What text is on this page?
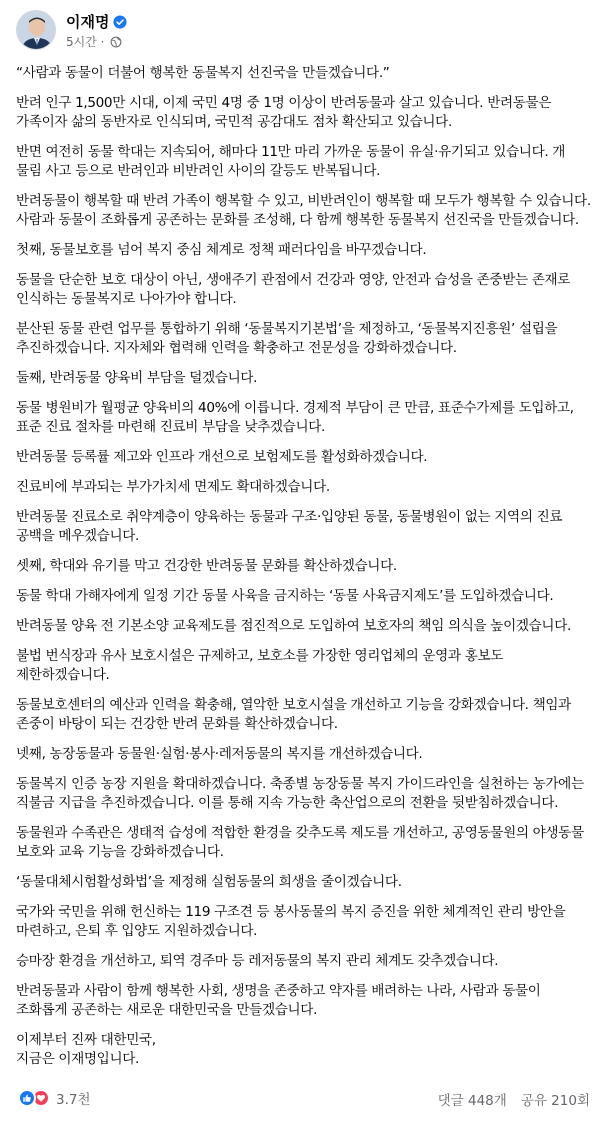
이재명
5시간 ·

“사람과 동물이 더불어 행복한 동물복지 선진국을 만들겠습니다.”

반려 인구 1,500만 시대, 이제 국민 4명 중 1명 이상이 반려동물과 살고 있습니다. 반려동물은 가족이자 삶의 동반자로 인식되며, 국민적 공감대도 점차 확산되고 있습니다.

반면 여전히 동물 학대는 지속되어, 해마다 11만 마리 가까운 동물이 유실·유기되고 있습니다. 개 물림 사고 등으로 반려인과 비반려인 사이의 갈등도 반복됩니다.

반려동물이 행복할 때 반려 가족이 행복할 수 있고, 비반려인이 행복할 때 모두가 행복할 수 있습니다. 사람과 동물이 조화롭게 공존하는 문화를 조성해, 다 함께 행복한 동물복지 선진국을 만들겠습니다.

첫째, 동물보호를 넘어 복지 중심 체계로 정책 패러다임을 바꾸겠습니다.

동물을 단순한 보호 대상이 아닌, 생애주기 관점에서 건강과 영양, 안전과 습성을 존중받는 존재로 인식하는 동물복지로 나아가야 합니다.

분산된 동물 관련 업무를 통합하기 위해 ‘동물복지기본법’을 제정하고, ‘동물복지진흥원’ 설립을 추진하겠습니다. 지자체와 협력해 인력을 확충하고 전문성을 강화하겠습니다.

둘째, 반려동물 양육비 부담을 덜겠습니다.

동물 병원비가 월평균 양육비의 40%에 이릅니다. 경제적 부담이 큰 만큼, 표준수가제를 도입하고, 표준 진료 절차를 마련해 진료비 부담을 낮추겠습니다.

반려동물 등록률 제고와 인프라 개선으로 보험제도를 활성화하겠습니다.

진료비에 부과되는 부가가치세 면제도 확대하겠습니다.

반려동물 진료소로 취약계층이 양육하는 동물과 구조·입양된 동물, 동물병원이 없는 지역의 진료 공백을 메우겠습니다.

셋째, 학대와 유기를 막고 건강한 반려동물 문화를 확산하겠습니다.

동물 학대 가해자에게 일정 기간 동물 사육을 금지하는 ‘동물 사육금지제도’를 도입하겠습니다.

반려동물 양육 전 기본소양 교육제도를 점진적으로 도입하여 보호자의 책임 의식을 높이겠습니다.

불법 번식장과 유사 보호시설은 규제하고, 보호소를 가장한 영리업체의 운영과 홍보도 제한하겠습니다.

동물보호센터의 예산과 인력을 확충해, 열악한 보호시설을 개선하고 기능을 강화겠습니다. 책임과 존중이 바탕이 되는 건강한 반려 문화를 확산하겠습니다.

넷째, 농장동물과 동물원·실험·봉사·레저동물의 복지를 개선하겠습니다.

동물복지 인증 농장 지원을 확대하겠습니다. 축종별 농장동물 복지 가이드라인을 실천하는 농가에는 직불금 지급을 추진하겠습니다. 이를 통해 지속 가능한 축산업으로의 전환을 뒷받침하겠습니다.

동물원과 수족관은 생태적 습성에 적합한 환경을 갖추도록 제도를 개선하고, 공영동물원의 야생동물 보호와 교육 기능을 강화하겠습니다.

‘동물대체시험활성화법’을 제정해 실험동물의 희생을 줄이겠습니다.

국가와 국민을 위해 헌신하는 119 구조견 등 봉사동물의 복지 증진을 위한 체계적인 관리 방안을 마련하고, 은퇴 후 입양도 지원하겠습니다.

승마장 환경을 개선하고, 퇴역 경주마 등 레저동물의 복지 관리 체계도 갖추겠습니다.

반려동물과 사람이 함께 행복한 사회, 생명을 존중하고 약자를 배려하는 나라, 사람과 동물이 조화롭게 공존하는 새로운 대한민국을 만들겠습니다.

이제부터 진짜 대한민국,

지금은 이재명입니다.

3.7천	댓글 448개 공유 210회
